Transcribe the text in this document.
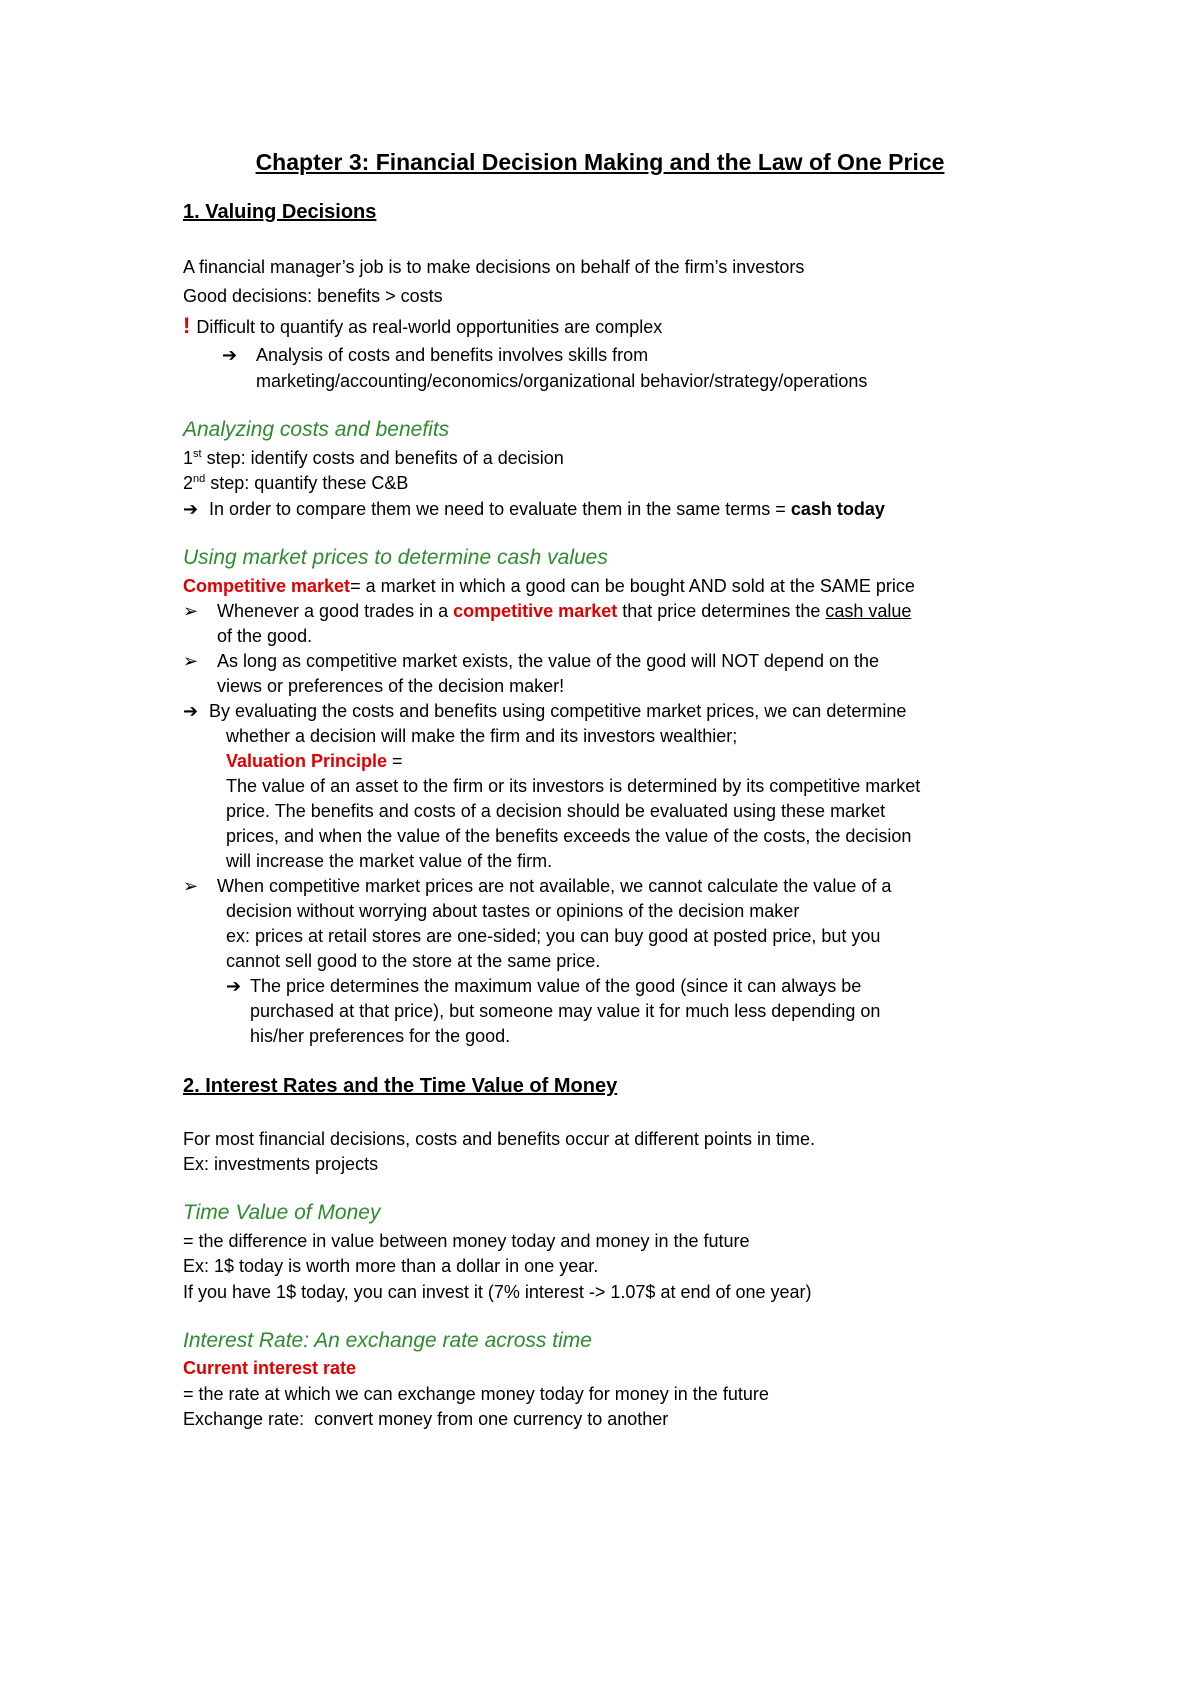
Chapter 3: Financial Decision Making and the Law of One Price
1. Valuing Decisions
A financial manager’s job is to make decisions on behalf of the firm’s investors
Good decisions: benefits > costs
! Difficult to quantify as real-world opportunities are complex
➔ Analysis of costs and benefits involves skills from
marketing/accounting/economics/organizational behavior/strategy/operations
Analyzing costs and benefits
1st step: identify costs and benefits of a decision
2nd step: quantify these C&B
➔ In order to compare them we need to evaluate them in the same terms = cash today
Using market prices to determine cash values
Competitive market= a market in which a good can be bought AND sold at the SAME price
➢ Whenever a good trades in a competitive market that price determines the cash value
of the good.
➢ As long as competitive market exists, the value of the good will NOT depend on the
views or preferences of the decision maker!
➔ By evaluating the costs and benefits using competitive market prices, we can determine
whether a decision will make the firm and its investors wealthier;
Valuation Principle =
The value of an asset to the firm or its investors is determined by its competitive market
price. The benefits and costs of a decision should be evaluated using these market
prices, and when the value of the benefits exceeds the value of the costs, the decision
will increase the market value of the firm.
➢ When competitive market prices are not available, we cannot calculate the value of a
decision without worrying about tastes or opinions of the decision maker
ex: prices at retail stores are one-sided; you can buy good at posted price, but you
cannot sell good to the store at the same price.
➔ The price determines the maximum value of the good (since it can always be
purchased at that price), but someone may value it for much less depending on
his/her preferences for the good.
2. Interest Rates and the Time Value of Money
For most financial decisions, costs and benefits occur at different points in time.
Ex: investments projects
Time Value of Money
= the difference in value between money today and money in the future
Ex: 1$ today is worth more than a dollar in one year.
If you have 1$ today, you can invest it (7% interest -> 1.07$ at end of one year)
Interest Rate: An exchange rate across time
Current interest rate
= the rate at which we can exchange money today for money in the future
Exchange rate:  convert money from one currency to another
